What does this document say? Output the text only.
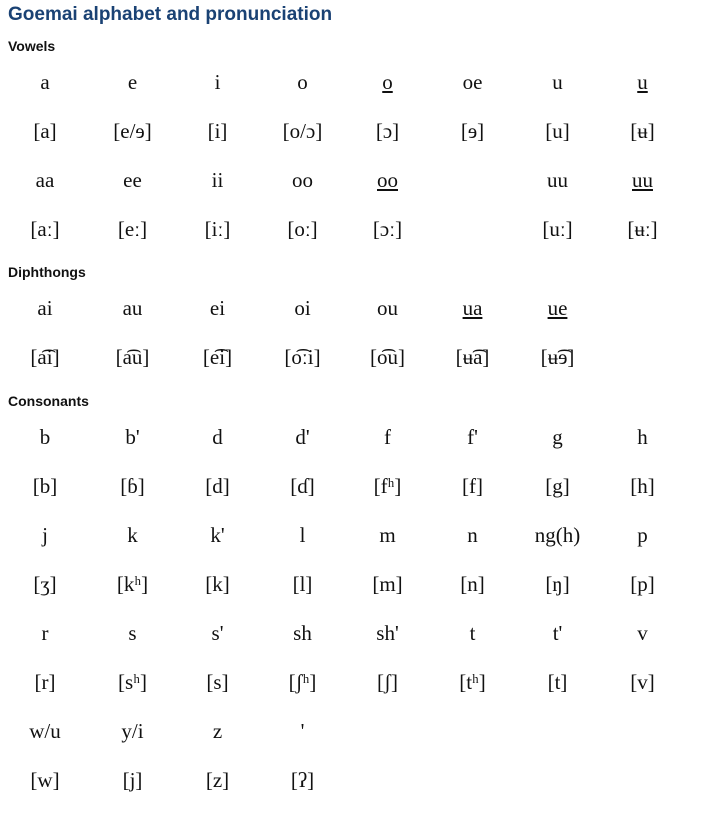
Goemai alphabet and pronunciation
Vowels
a	e	i	o	o	oe	u	u
[a]	[e/ɘ]	[i]	[o/ɔ]	[ɔ]	[ɘ]	[u]	[ʉ]
aa	ee	ii	oo	oo		uu	uu
[aː]	[eː]	[iː]	[oː]	[ɔː]		[uː]	[ʉː]
Diphthongs
ai	au	ei	oi	ou	ua	ue	
[a͡i]	[a͡u]	[e͡i]	[o͡ːi]	[o͡u]	[ʉ͡a]	[ʉ͡ɘ]	
Consonants
b	b'	d	d'	f	f'	g	h
[b]	[ɓ]	[d]	[ɗ]	[fʰ]	[f]	[g]	[h]
j	k	k'	l	m	n	ng(h)	p
[ʒ]	[kʰ]	[k]	[l]	[m]	[n]	[ŋ]	[p]
r	s	s'	sh	sh'	t	t'	v
[r]	[sʰ]	[s]	[ʃʰ]	[ʃ]	[tʰ]	[t]	[v]
w/u	y/i	z	'				
[w]	[j]	[z]	[ʔ]				
